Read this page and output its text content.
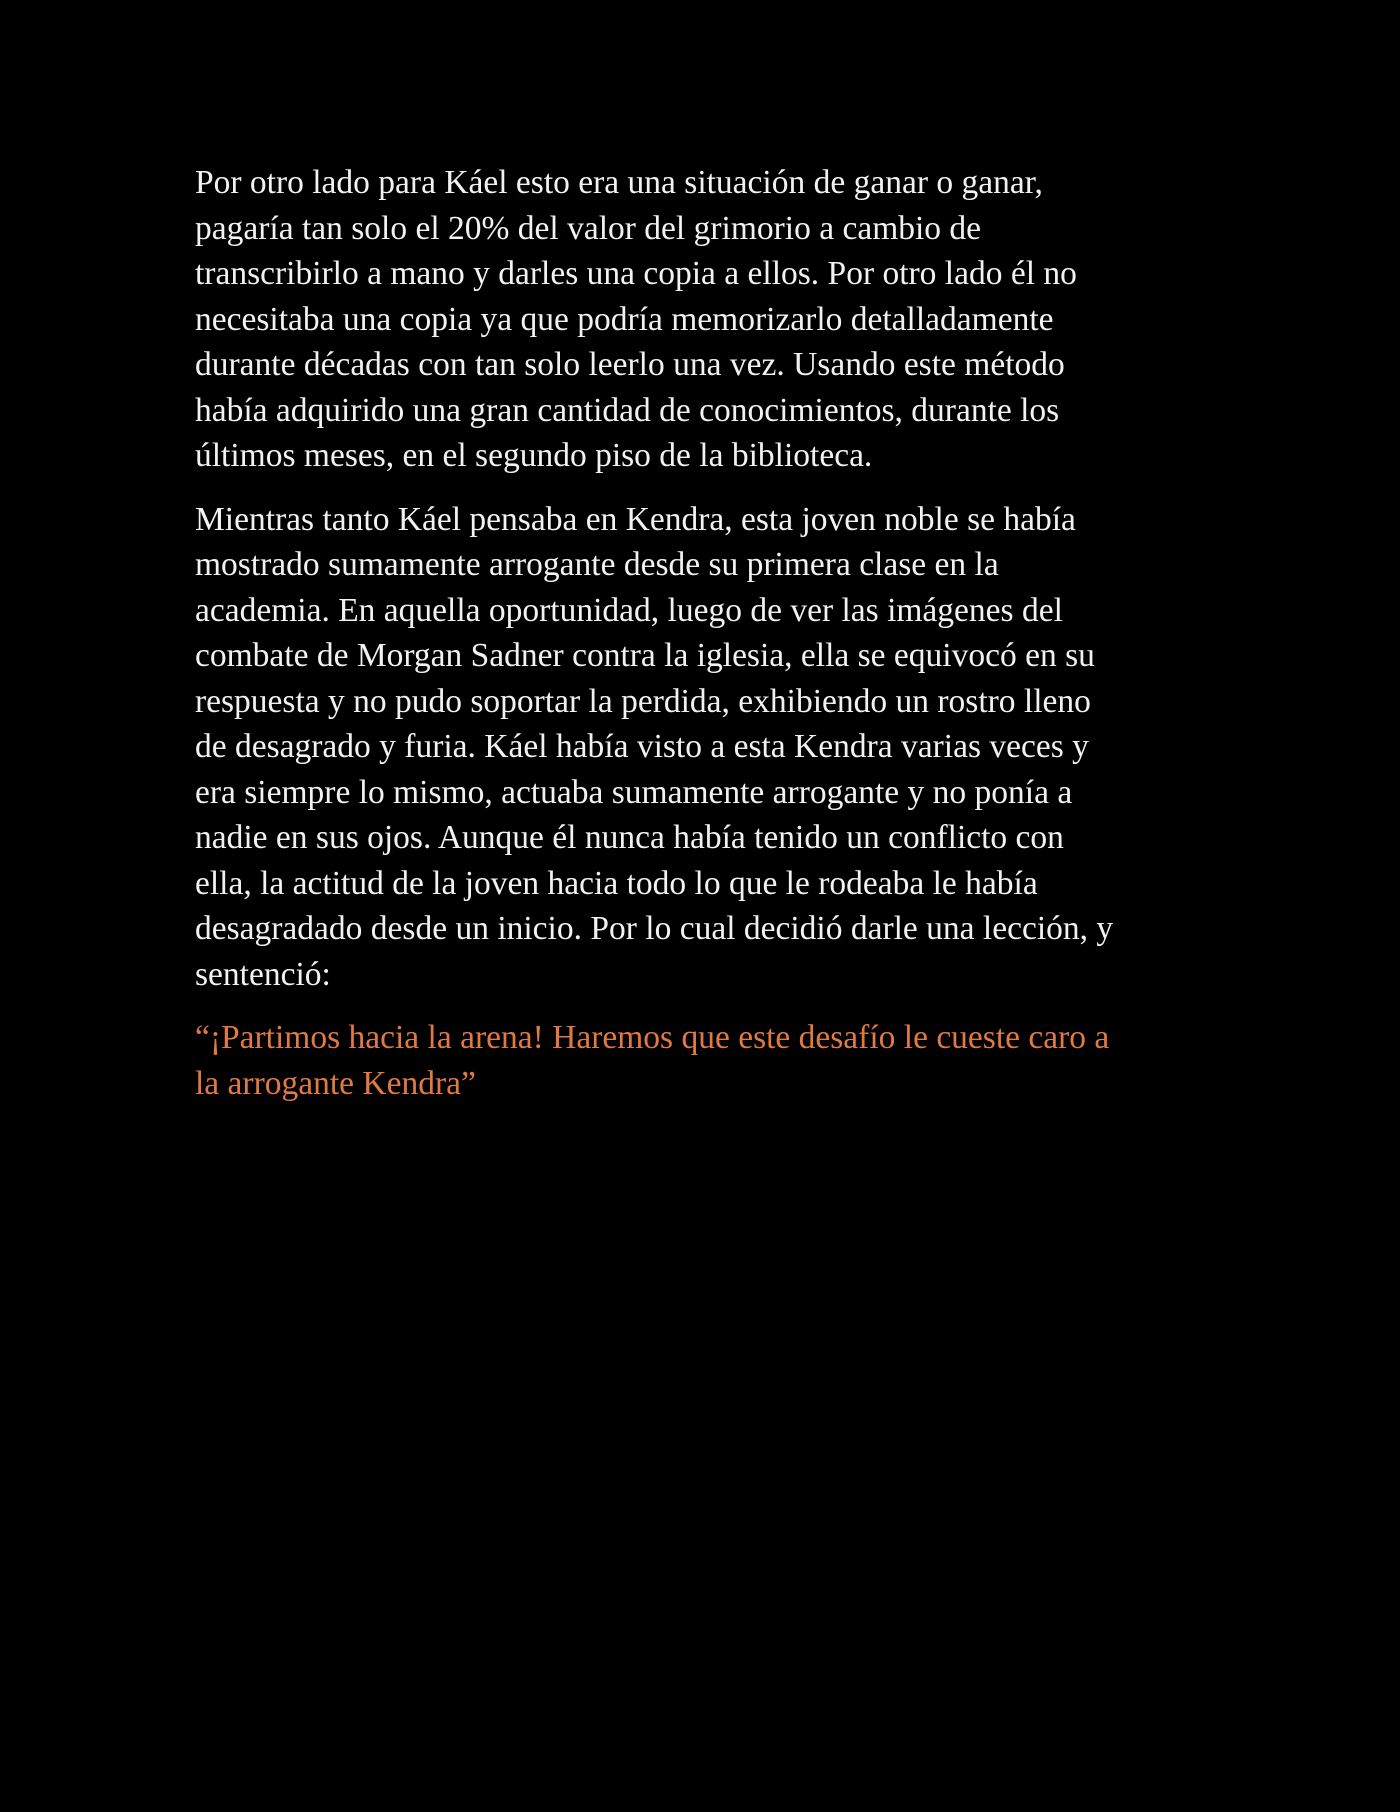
Por otro lado para Káel esto era una situación de ganar o ganar,
pagaría tan solo el 20% del valor del grimorio a cambio de
transcribirlo a mano y darles una copia a ellos. Por otro lado él no
necesitaba una copia ya que podría memorizarlo detalladamente
durante décadas con tan solo leerlo una vez. Usando este método
había adquirido una gran cantidad de conocimientos, durante los
últimos meses, en el segundo piso de la biblioteca.

Mientras tanto Káel pensaba en Kendra, esta joven noble se había
mostrado sumamente arrogante desde su primera clase en la
academia. En aquella oportunidad, luego de ver las imágenes del
combate de Morgan Sadner contra la iglesia, ella se equivocó en su
respuesta y no pudo soportar la perdida, exhibiendo un rostro lleno
de desagrado y furia. Káel había visto a esta Kendra varias veces y
era siempre lo mismo, actuaba sumamente arrogante y no ponía a
nadie en sus ojos. Aunque él nunca había tenido un conflicto con
ella, la actitud de la joven hacia todo lo que le rodeaba le había
desagradado desde un inicio. Por lo cual decidió darle una lección, y
sentenció:

“¡Partimos hacia la arena! Haremos que este desafío le cueste caro a
la arrogante Kendra”
